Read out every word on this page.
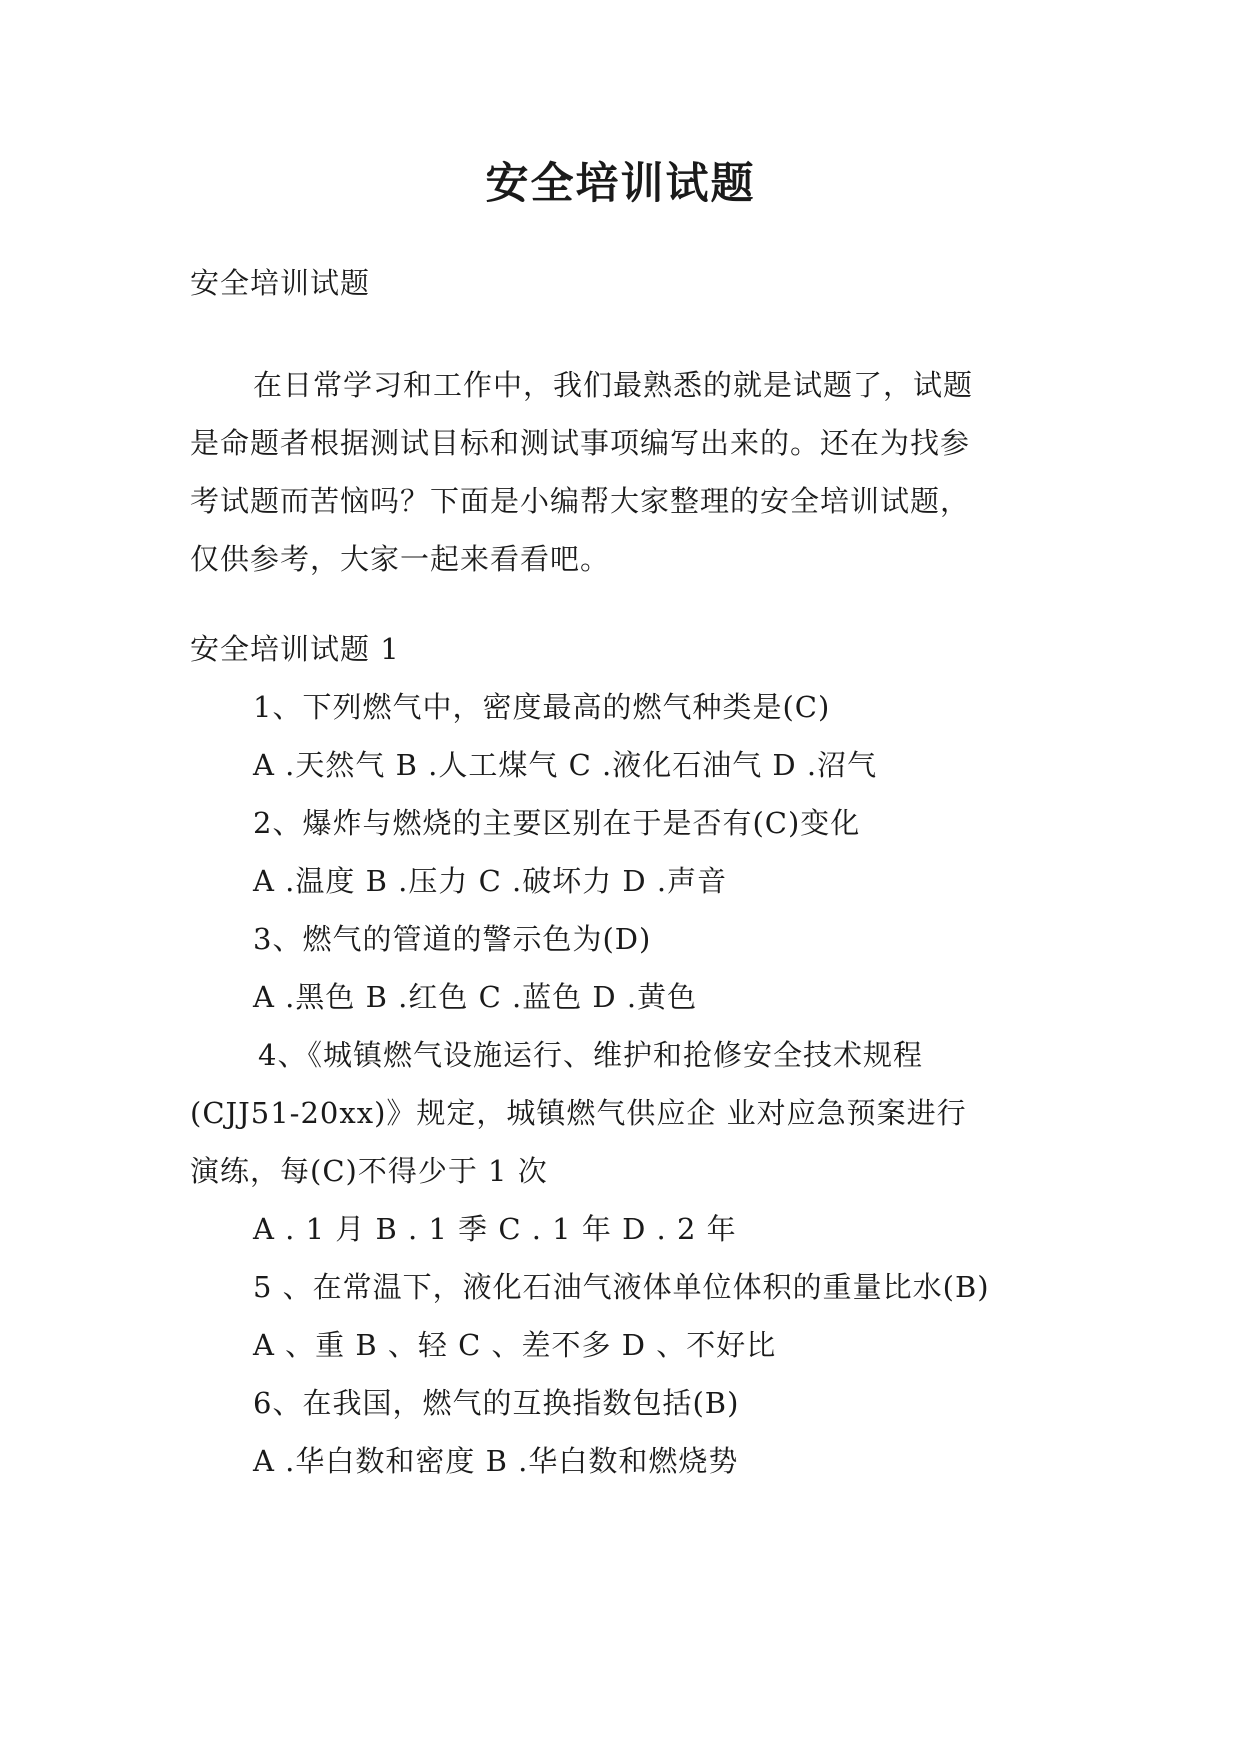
安全培训试题
安全培训试题
在日常学习和工作中，我们最熟悉的就是试题了，试题
是命题者根据测试目标和测试事项编写出来的。还在为找参
考试题而苦恼吗？下面是小编帮大家整理的安全培训试题，
仅供参考，大家一起来看看吧。
安全培训试题 1
1、下列燃气中，密度最高的燃气种类是(C)
A .天然气 B .人工煤气 C .液化石油气 D .沼气
2、爆炸与燃烧的主要区别在于是否有(C)变化
A .温度 B .压力 C .破坏力 D .声音
3、燃气的管道的警示色为(D)
A .黑色 B .红色 C .蓝色 D .黄色
4、《城镇燃气设施运行、维护和抢修安全技术规程
(CJJ51-20xx)》规定，城镇燃气供应企 业对应急预案进行
演练，每(C)不得少于 1 次
A . 1 月 B . 1 季 C . 1 年 D . 2 年
5 、在常温下，液化石油气液体单位体积的重量比水(B)
A 、重 B 、轻 C 、差不多 D 、不好比
6、在我国，燃气的互换指数包括(B)
A .华白数和密度 B .华白数和燃烧势
